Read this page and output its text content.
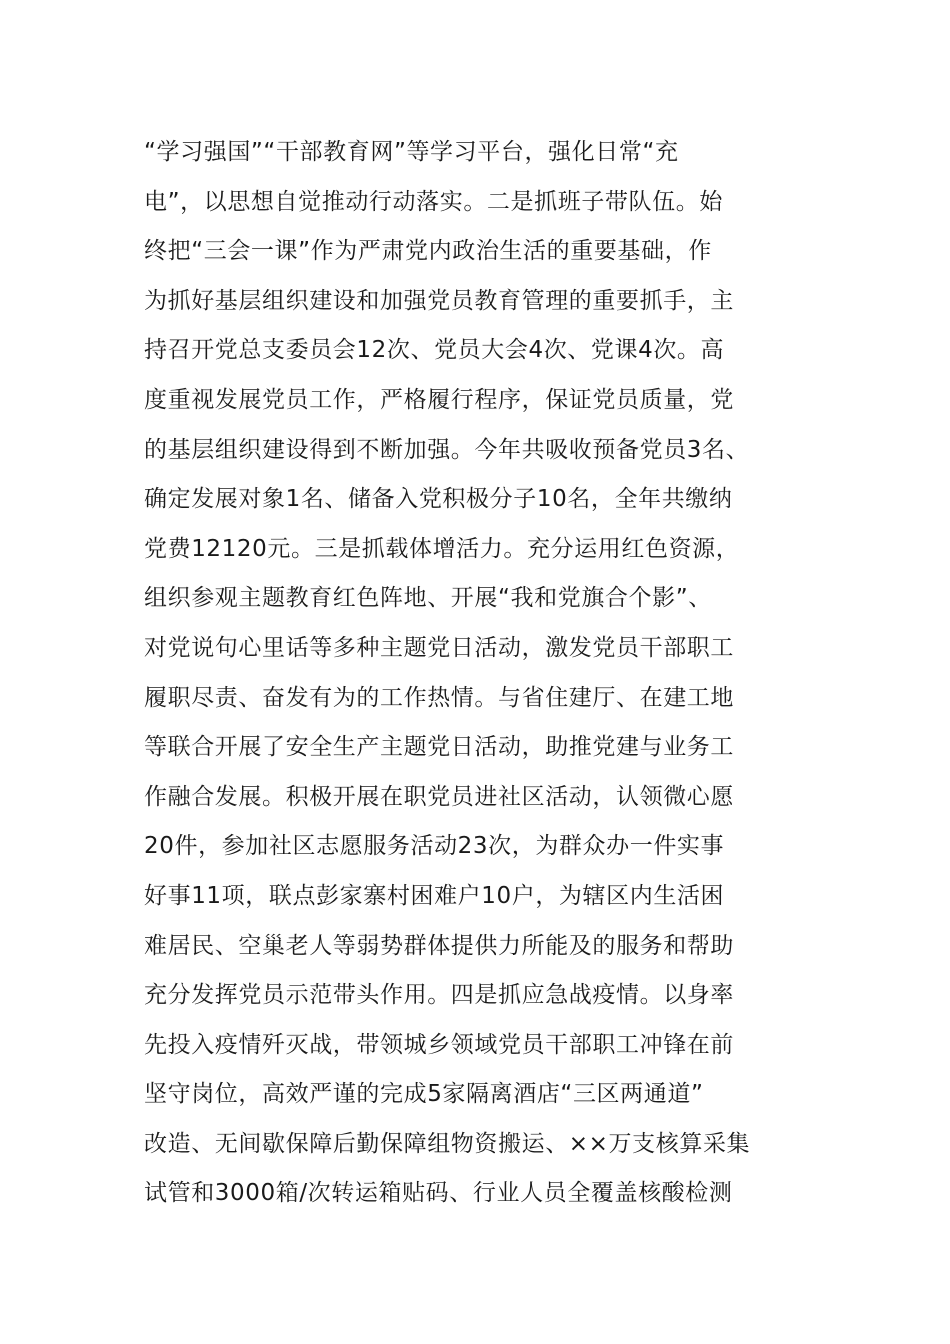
“学习强国”“干部教育网”等学习平台，强化日常“充
电”，以思想自觉推动行动落实。二是抓班子带队伍。始
终把“三会一课”作为严肃党内政治生活的重要基础，作
为抓好基层组织建设和加强党员教育管理的重要抓手，主
持召开党总支委员会12次、党员大会4次、党课4次。高
度重视发展党员工作，严格履行程序，保证党员质量，党
的基层组织建设得到不断加强。今年共吸收预备党员3名、
确定发展对象1名、储备入党积极分子10名，全年共缴纳
党费12120元。三是抓载体增活力。充分运用红色资源，
组织参观主题教育红色阵地、开展“我和党旗合个影”、
对党说句心里话等多种主题党日活动，激发党员干部职工
履职尽责、奋发有为的工作热情。与省住建厅、在建工地
等联合开展了安全生产主题党日活动，助推党建与业务工
作融合发展。积极开展在职党员进社区活动，认领微心愿
20件，参加社区志愿服务活动23次，为群众办一件实事
好事11项，联点彭家寨村困难户10户，为辖区内生活困
难居民、空巢老人等弱势群体提供力所能及的服务和帮助
充分发挥党员示范带头作用。四是抓应急战疫情。以身率
先投入疫情歼灭战，带领城乡领域党员干部职工冲锋在前
坚守岗位，高效严谨的完成5家隔离酒店“三区两通道”
改造、无间歇保障后勤保障组物资搬运、××万支核算采集
试管和3000箱/次转运箱贴码、行业人员全覆盖核酸检测
